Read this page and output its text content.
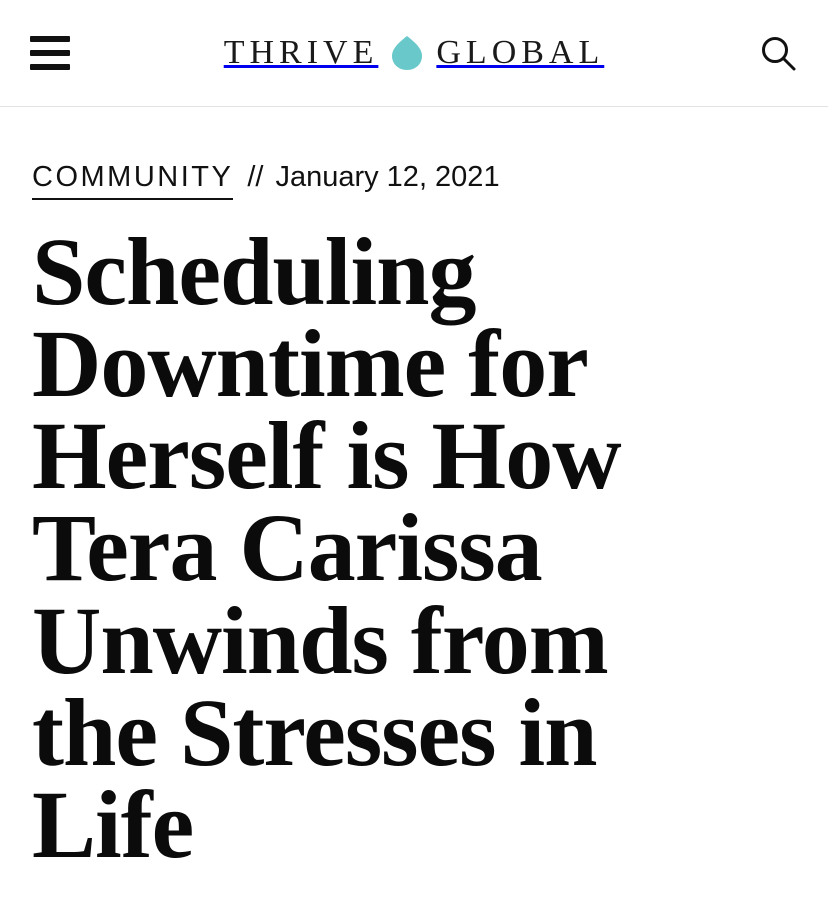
THRIVE GLOBAL
COMMUNITY // January 12, 2021
Scheduling Downtime for Herself is How Tera Carissa Unwinds from the Stresses in Life
